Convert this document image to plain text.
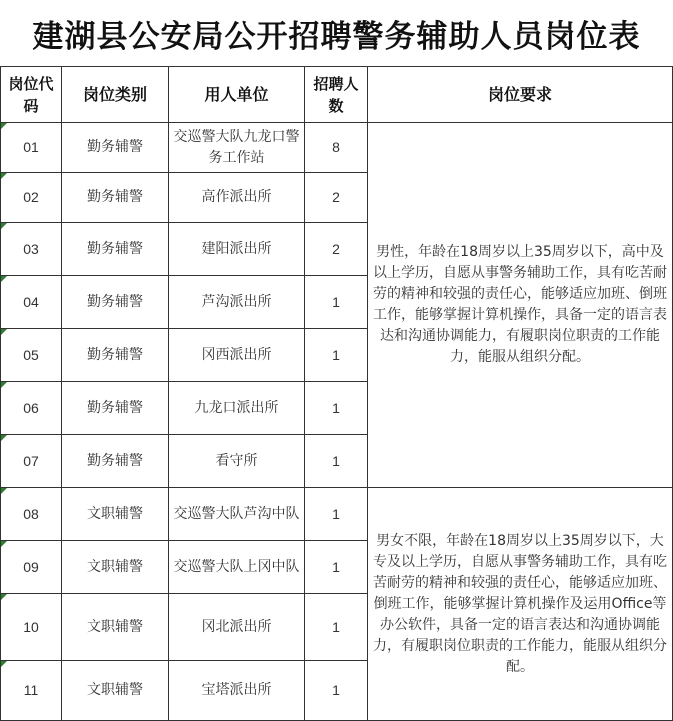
建湖县公安局公开招聘警务辅助人员岗位表
岗位代码	岗位类别	用人单位	招聘人数	岗位要求
01	勤务辅警	交巡警大队九龙口警务工作站	8	男性，年龄在18周岁以上35周岁以下，高中及以上学历，自愿从事警务辅助工作，具有吃苦耐劳的精神和较强的责任心，能够适应加班、倒班工作，能够掌握计算机操作，具备一定的语言表达和沟通协调能力，有履职岗位职责的工作能力，能服从组织分配。
02	勤务辅警	高作派出所	2	
03	勤务辅警	建阳派出所	2	
04	勤务辅警	芦沟派出所	1	
05	勤务辅警	冈西派出所	1	
06	勤务辅警	九龙口派出所	1	
07	勤务辅警	看守所	1	
08	文职辅警	交巡警大队芦沟中队	1	男女不限，年龄在18周岁以上35周岁以下，大专及以上学历，自愿从事警务辅助工作，具有吃苦耐劳的精神和较强的责任心，能够适应加班、倒班工作，能够掌握计算机操作及运用Office等办公软件，具备一定的语言表达和沟通协调能力，有履职岗位职责的工作能力，能服从组织分配。
09	文职辅警	交巡警大队上冈中队	1	
10	文职辅警	冈北派出所	1	
11	文职辅警	宝塔派出所	1	
